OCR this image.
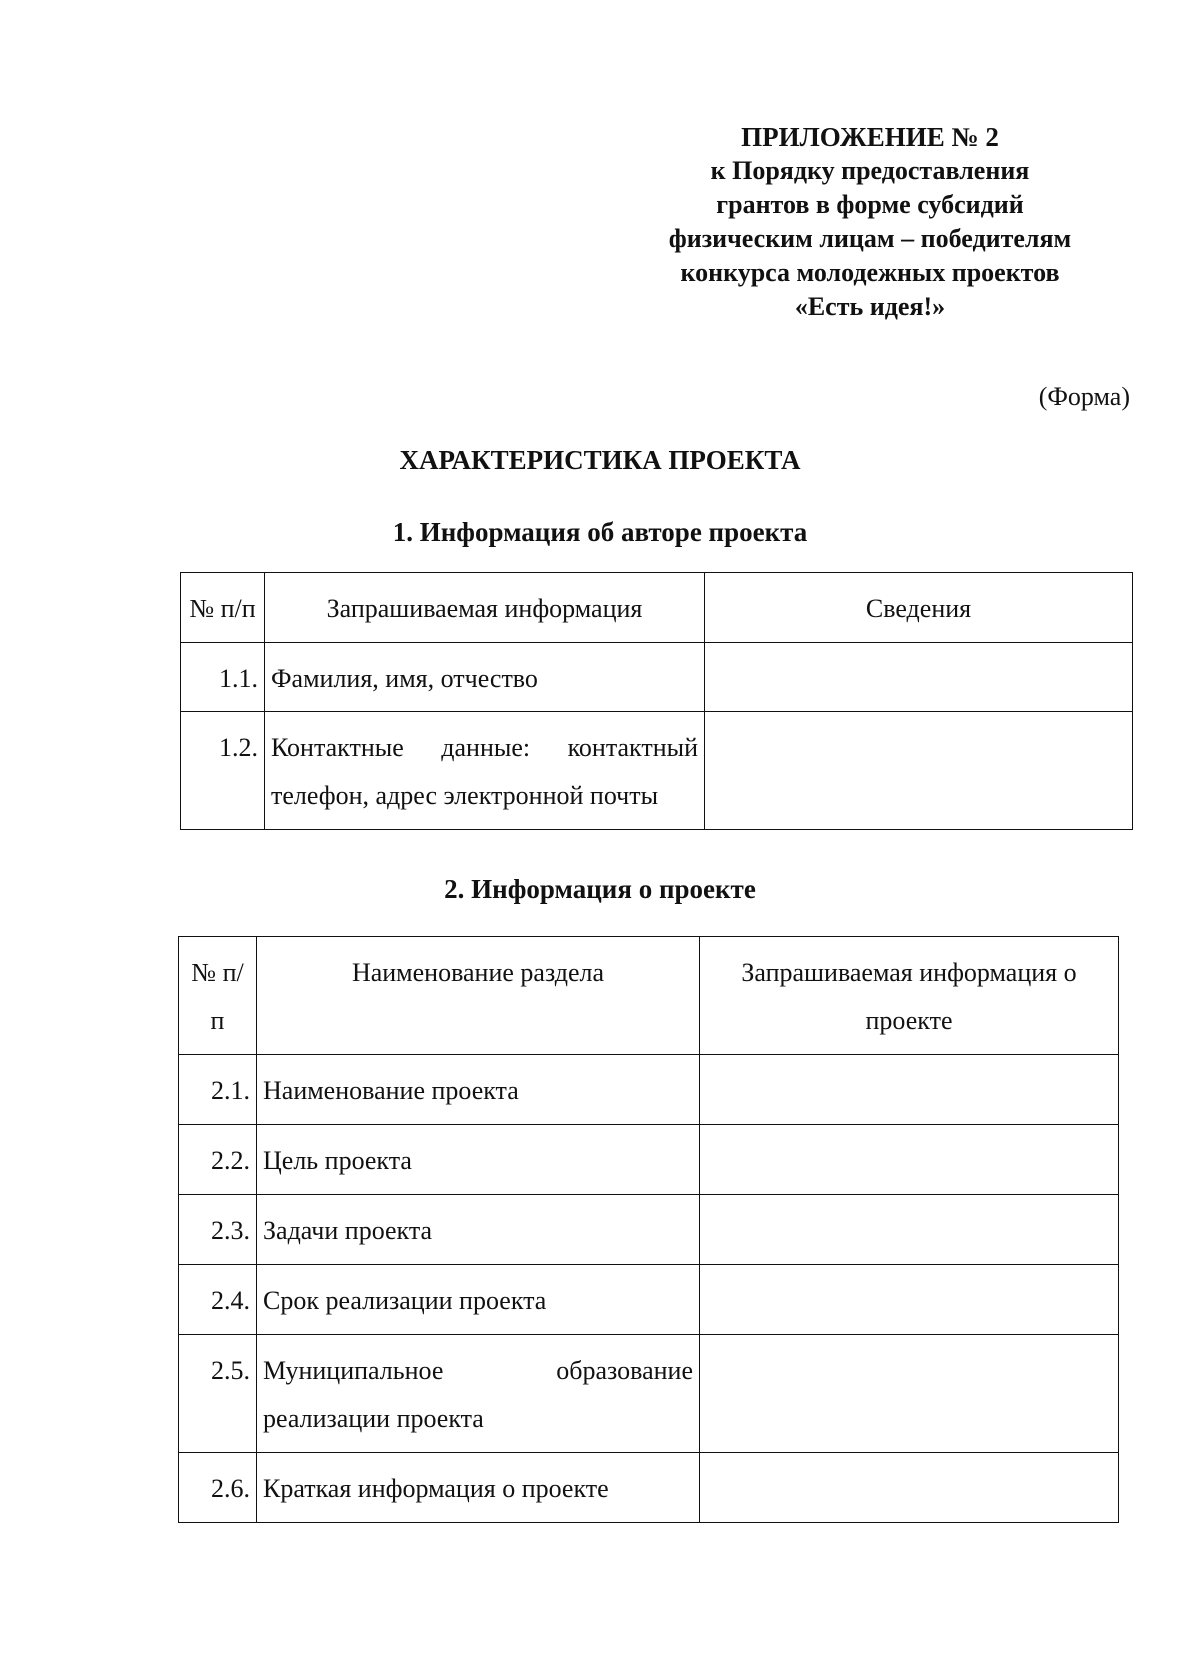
ПРИЛОЖЕНИЕ № 2
к Порядку предоставления
грантов в форме субсидий
физическим лицам – победителям
конкурса молодежных проектов
«Есть идея!»
(Форма)
ХАРАКТЕРИСТИКА ПРОЕКТА
1. Информация об авторе проекта
№ п/п	Запрашиваемая информация	Сведения
1.1.	Фамилия, имя, отчество	
1.2.	Контактные данные: контактный
телефон, адрес электронной почты	

2. Информация о проекте
№ п/п	Наименование раздела	Запрашиваемая информация о проекте
2.1.	Наименование проекта	
2.2.	Цель проекта	
2.3.	Задачи проекта	
2.4.	Срок реализации проекта	
2.5.	Муниципальное образование
реализации проекта	

2.6.	Краткая информация о проекте	
